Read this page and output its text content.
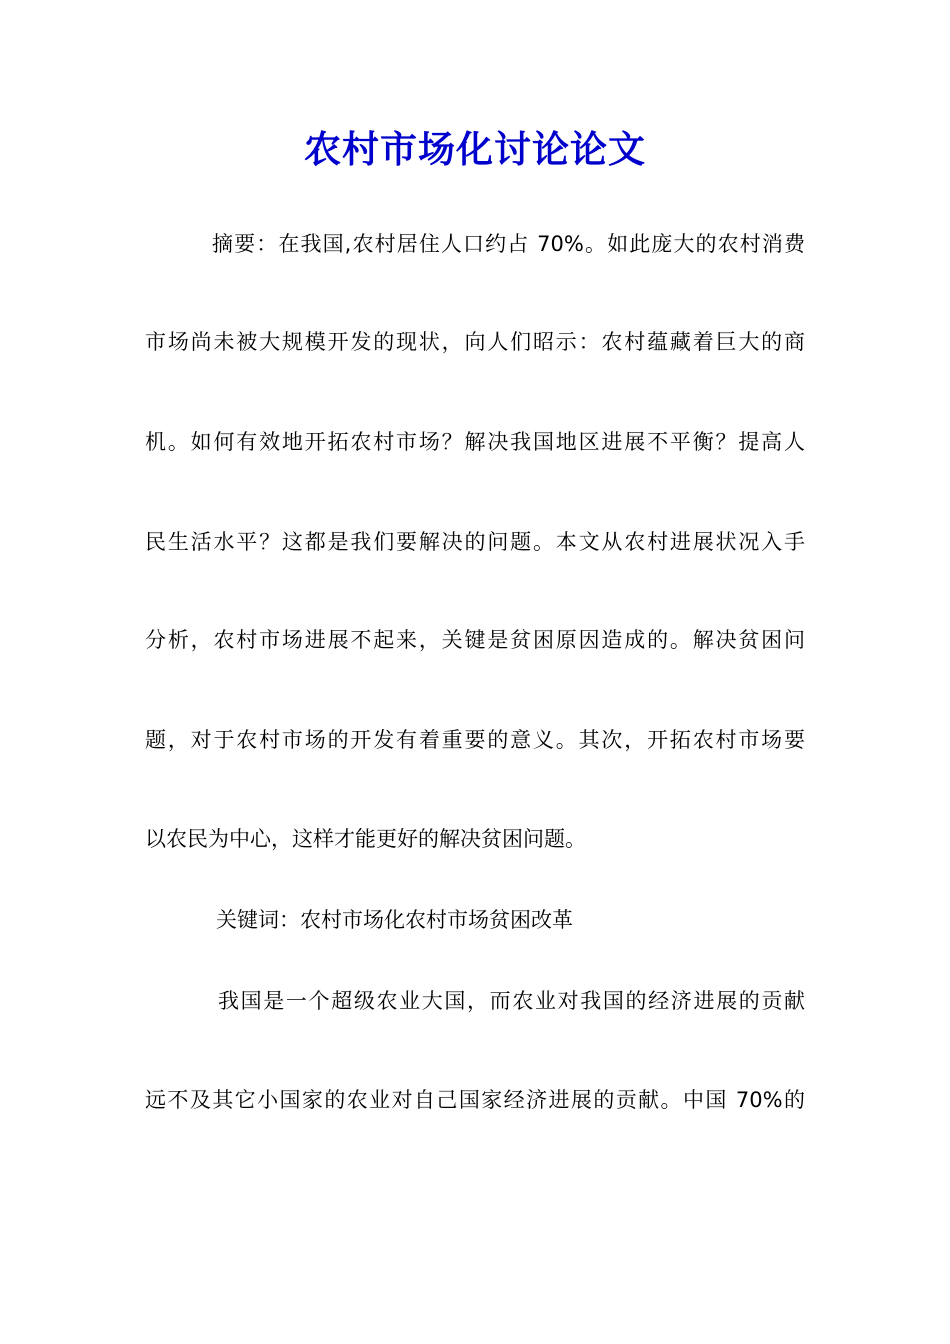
农村市场化讨论论文

摘要：在我国,农村居住人口约占 70%。如此庞大的农村消费

市场尚未被大规模开发的现状，向人们昭示：农村蕴藏着巨大的商

机。如何有效地开拓农村市场？解决我国地区进展不平衡？提高人

民生活水平？这都是我们要解决的问题。本文从农村进展状况入手

分析，农村市场进展不起来，关键是贫困原因造成的。解决贫困问

题，对于农村市场的开发有着重要的意义。其次，开拓农村市场要

以农民为中心，这样才能更好的解决贫困问题。

关键词：农村市场化农村市场贫困改革

我国是一个超级农业大国，而农业对我国的经济进展的贡献

远不及其它小国家的农业对自己国家经济进展的贡献。中国 70%的
